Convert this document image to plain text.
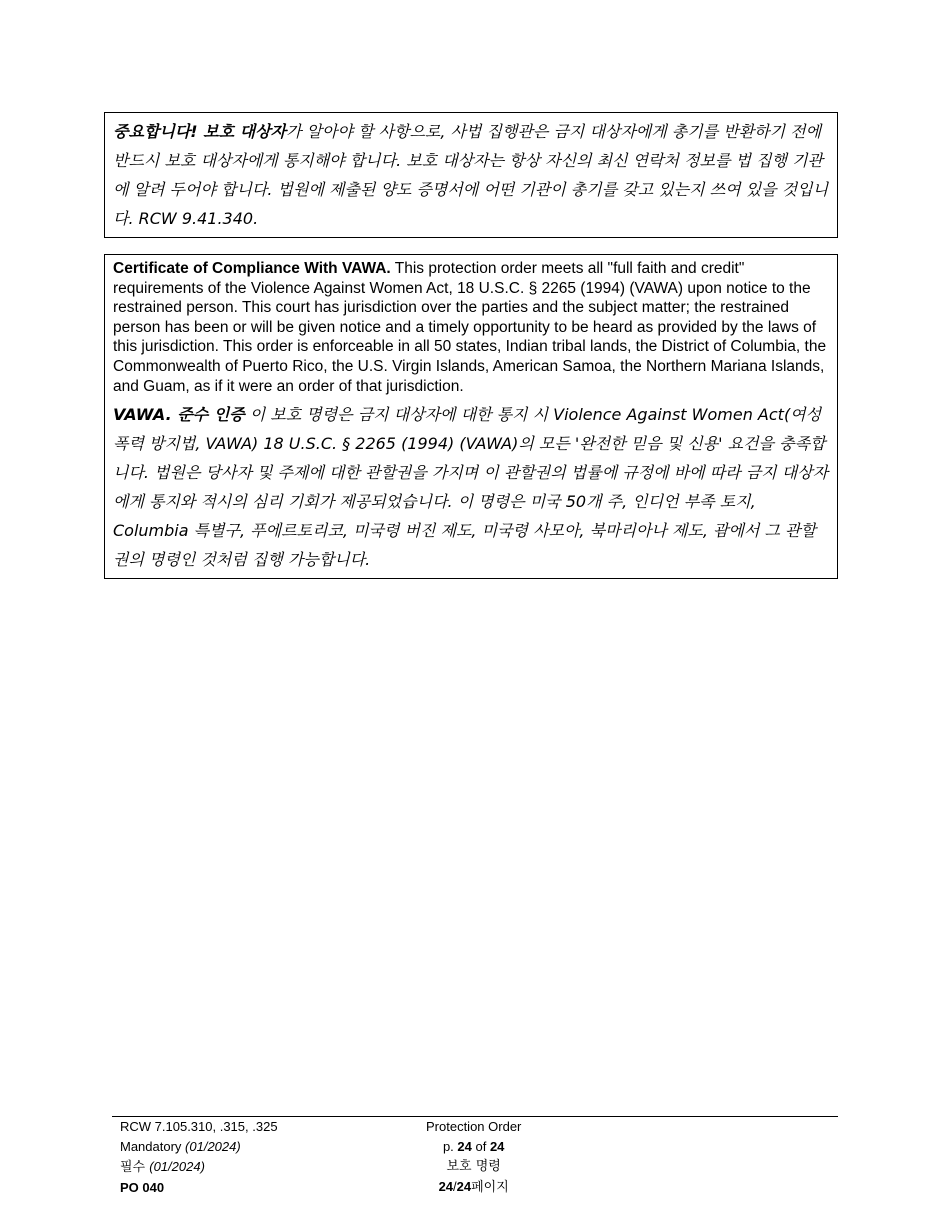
중요합니다! 보호 대상자가 알아야 할 사항으로, 사법 집행관은 금지 대상자에게 총기를 반환하기 전에 반드시 보호 대상자에게 통지해야 합니다. 보호 대상자는 항상 자신의 최신 연락처 정보를 법 집행 기관에 알려 두어야 합니다. 법원에 제출된 양도 증명서에 어떤 기관이 총기를 갖고 있는지 쓰여 있을 것입니다. RCW 9.41.340.

Certificate of Compliance With VAWA. This protection order meets all "full faith and credit" requirements of the Violence Against Women Act, 18 U.S.C. § 2265 (1994) (VAWA) upon notice to the restrained person. This court has jurisdiction over the parties and the subject matter; the restrained person has been or will be given notice and a timely opportunity to be heard as provided by the laws of this jurisdiction. This order is enforceable in all 50 states, Indian tribal lands, the District of Columbia, the Commonwealth of Puerto Rico, the U.S. Virgin Islands, American Samoa, the Northern Mariana Islands, and Guam, as if it were an order of that jurisdiction.

VAWA. 준수 인증 이 보호 명령은 금지 대상자에 대한 통지 시 Violence Against Women Act(여성 폭력 방지법, VAWA) 18 U.S.C. § 2265 (1994) (VAWA)의 모든 '완전한 믿음 및 신용' 요건을 충족합니다. 법원은 당사자 및 주제에 대한 관할권을 가지며 이 관할권의 법률에 규정에 바에 따라 금지 대상자에게 통지와 적시의 심리 기회가 제공되었습니다. 이 명령은 미국 50개 주, 인디언 부족 토지, Columbia 특별구, 푸에르토리코, 미국령 버진 제도, 미국령 사모아, 북마리아나 제도, 괌에서 그 관할권의 명령인 것처럼 집행 가능합니다.
RCW 7.105.310, .315, .325
Mandatory (01/2024)
필수 (01/2024)
PO 040
Protection Order
p. 24 of 24
보호 명령
24/24페이지
